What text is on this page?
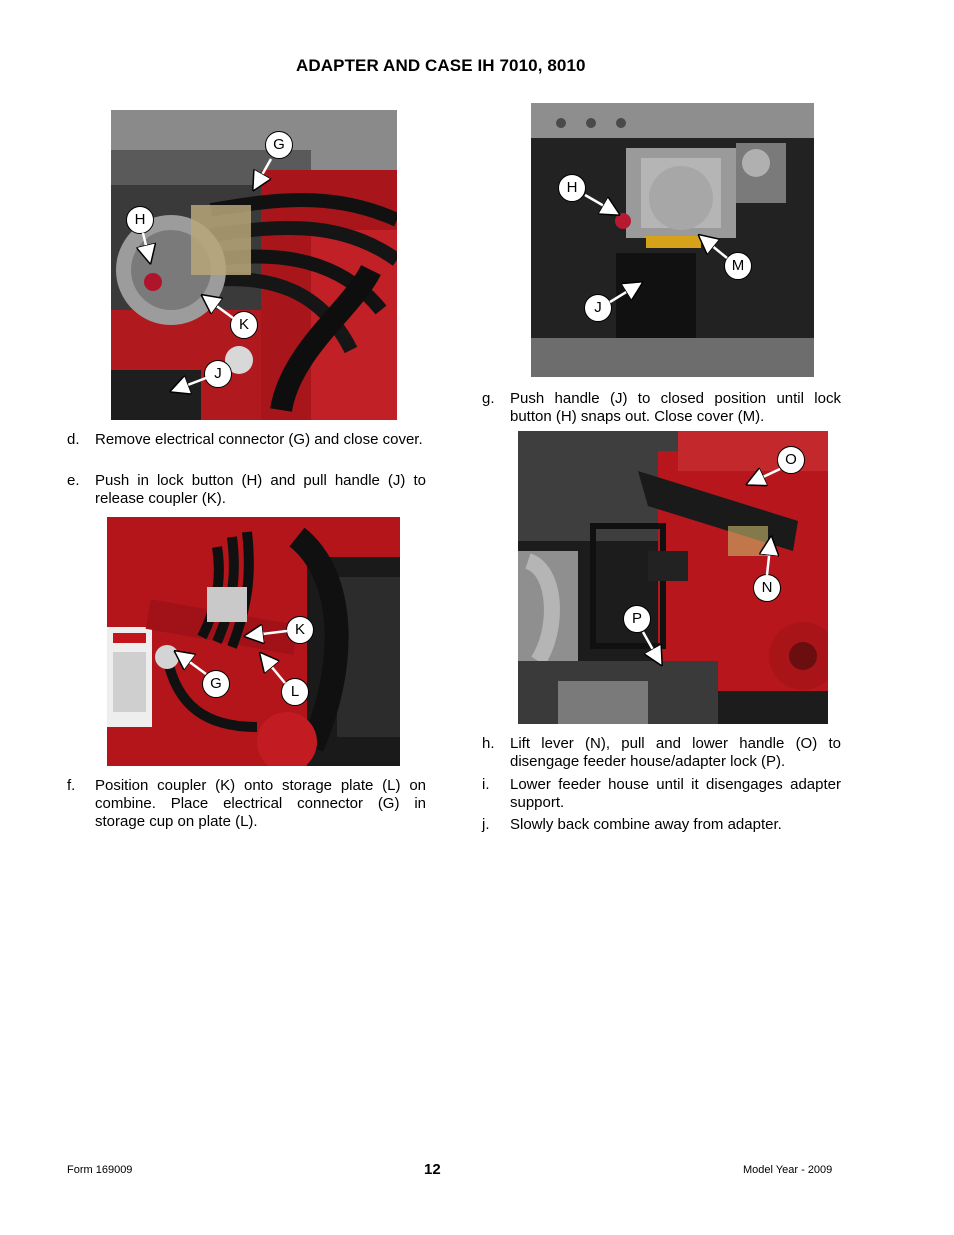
ADAPTER AND CASE IH 7010, 8010
G
H
K
J
d. Remove electrical connector (G) and close cover.
e. Push in lock button (H) and pull handle (J) to release coupler (K).
K
G	L
f. Position coupler (K) onto storage plate (L) on combine. Place electrical connector (G) in storage cup on plate (L).
H
M
J
g. Push handle (J) to closed position until lock button (H) snaps out. Close cover (M).
O
N
P
h. Lift lever (N), pull and lower handle (O) to disengage feeder house/adapter lock (P).
i. Lower feeder house until it disengages adapter support.
j. Slowly back combine away from adapter.
Form 169009	12	Model Year - 2009
